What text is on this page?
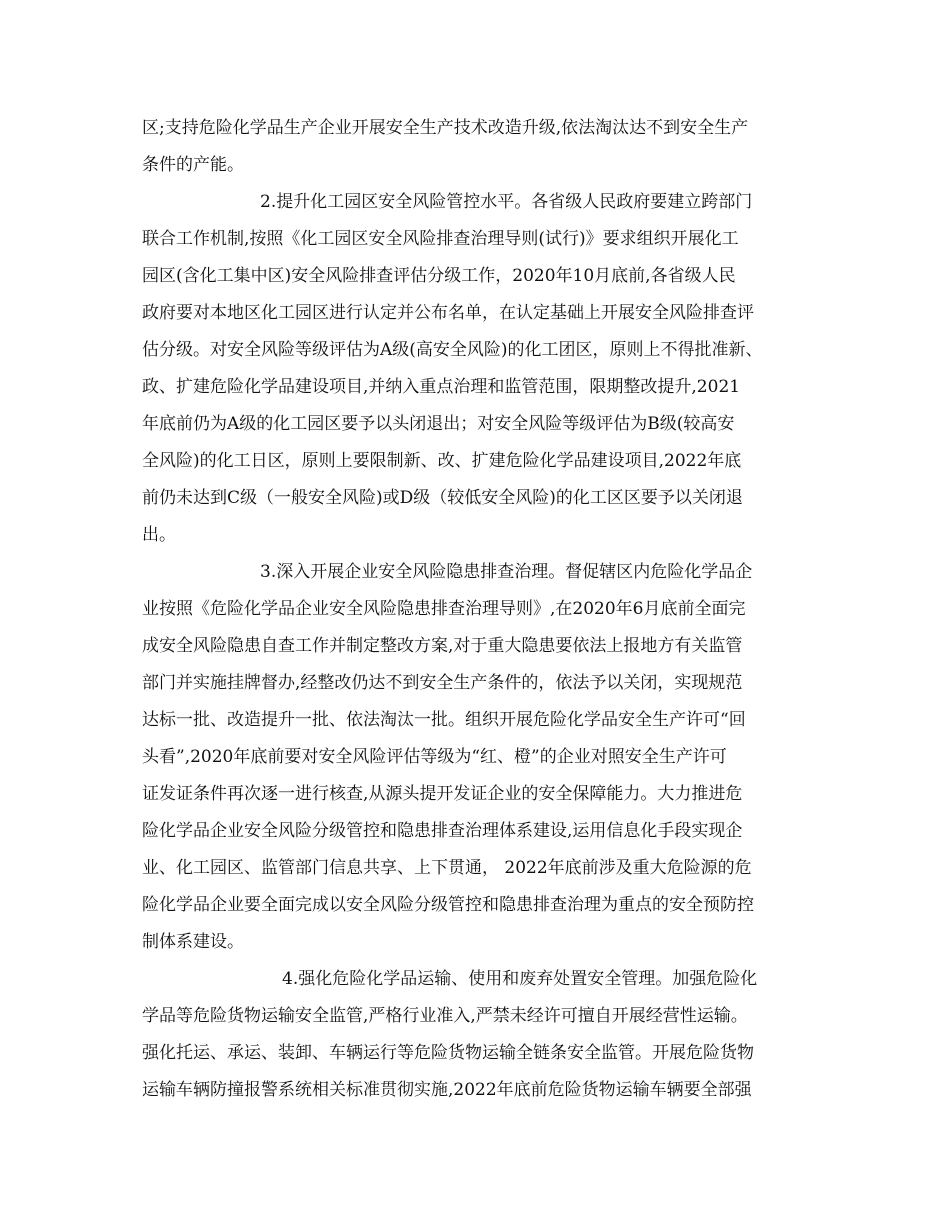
区;支持危险化学品生产企业开展安全生产技术改造升级,依法淘汰达不到安全生产
条件的产能。
2.提升化工园区安全风险管控水平。各省级人民政府要建立跨部门
联合工作机制,按照《化工园区安全风险排查治理导则(试行)》要求组织开展化工
园区(含化工集中区)安全风险排查评估分级工作，2020年10月底前,各省级人民
政府要对本地区化工园区进行认定并公布名单，在认定基础上开展安全风险排查评
估分级。对安全风险等级评估为A级(高安全风险)的化工团区，原则上不得批准新、
政、扩建危险化学品建设项目,并纳入重点治理和监管范围，限期整改提升,2021
年底前仍为A级的化工园区要予以头闭退出；对安全风险等级评估为B级(较高安
全风险)的化工日区，原则上要限制新、改、扩建危险化学品建设项目,2022年底
前仍未达到C级（一般安全风险)或D级（较低安全风险)的化工区区要予以关闭退
出。
3.深入开展企业安全风险隐患排查治理。督促辖区内危险化学品企
业按照《危险化学品企业安全风险隐患排查治理导则》,在2020年6月底前全面完
成安全风险隐患自查工作并制定整改方案,对于重大隐患要依法上报地方有关监管
部门并实施挂牌督办,经整改仍达不到安全生产条件的，依法予以关闭，实现规范
达标一批、改造提升一批、依法淘汰一批。组织开展危险化学品安全生产许可“回
头看”,2020年底前要对安全风险评估等级为“红、橙”的企业对照安全生产许可
证发证条件再次逐一进行核查,从源头提开发证企业的安全保障能力。大力推进危
险化学品企业安全风险分级管控和隐患排查治理体系建设,运用信息化手段实现企
业、化工园区、监管部门信息共享、上下贯通， 2022年底前涉及重大危险源的危
险化学品企业要全面完成以安全风险分级管控和隐患排查治理为重点的安全预防控
制体系建设。
4.强化危险化学品运输、使用和废弃处置安全管理。加强危险化
学品等危险货物运输安全监管,严格行业准入,严禁未经许可擅自开展经营性运输。
强化托运、承运、装卸、车辆运行等危险货物运输全链条安全监管。开展危险货物
运输车辆防撞报警系统相关标准贯彻实施,2022年底前危险货物运输车辆要全部强
